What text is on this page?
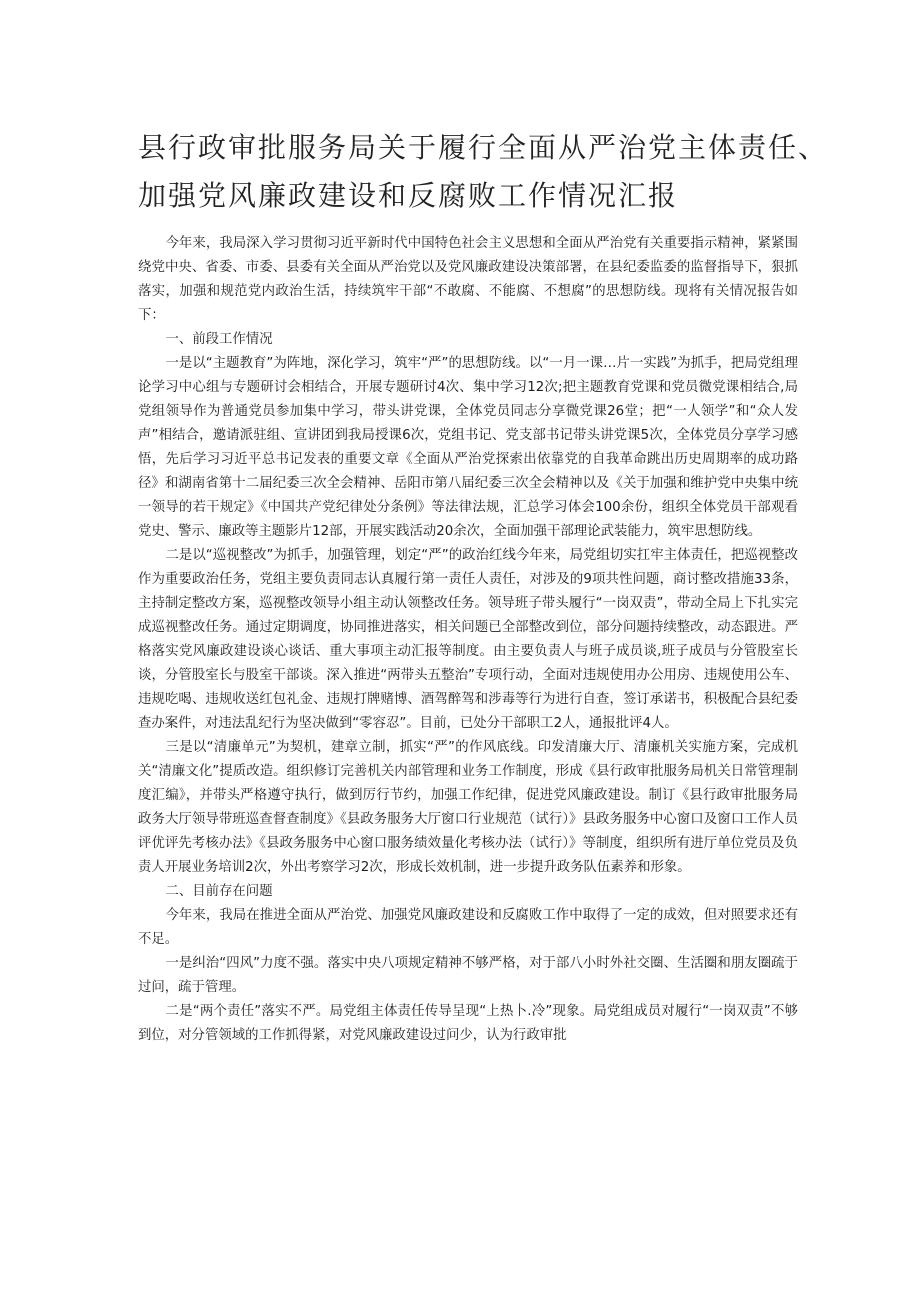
县行政审批服务局关于履行全面从严治党主体责任、
加强党风廉政建设和反腐败工作情况汇报

今年来，我局深入学习贯彻习近平新时代中国特色社会主义思想和全面从严治党有关重要指示精神，紧紧围绕党中央、省委、市委、县委有关全面从严治党以及党风廉政建设决策部署，在县纪委监委的监督指导下，狠抓落实，加强和规范党内政治生活，持续筑牢干部“不敢腐、不能腐、不想腐”的思想防线。现将有关情况报告如下：

一、前段工作情况

一是以“主题教育”为阵地，深化学习，筑牢“严”的思想防线。以“一月一课…片一实践”为抓手，把局党组理论学习中心组与专题研讨会相结合，开展专题研讨4次、集中学习12次;把主题教育党课和党员微党课相结合,局党组领导作为普通党员参加集中学习，带头讲党课，全体党员同志分享微党课26堂；把“一人领学”和“众人发声”相结合，邀请派驻组、宣讲团到我局授课6次，党组书记、党支部书记带头讲党课5次，全体党员分享学习感悟，先后学习习近平总书记发表的重要文章《全面从严治党探索出依靠党的自我革命跳出历史周期率的成功路径》和湖南省第十二届纪委三次全会精神、岳阳市第八届纪委三次全会精神以及《关于加强和维护党中央集中统一领导的若干规定》《中国共产党纪律处分条例》等法律法规，汇总学习体会100余份，组织全体党员干部观看党史、警示、廉政等主题影片12部，开展实践活动20余次，全面加强干部理论武装能力，筑牢思想防线。

二是以“巡视整改”为抓手，加强管理，划定“严”的政治红线今年来，局党组切实扛牢主体责任，把巡视整改作为重要政治任务，党组主要负责同志认真履行第一责任人责任，对涉及的9项共性问题，商讨整改措施33条，主持制定整改方案，巡视整改领导小组主动认领整改任务。领导班子带头履行“一岗双责”，带动全局上下扎实完成巡视整改任务。通过定期调度，协同推进落实，相关问题已全部整改到位，部分问题持续整改，动态跟进。严格落实党风廉政建设谈心谈话、重大事项主动汇报等制度。由主要负责人与班子成员谈,班子成员与分管股室长谈，分管股室长与股室干部谈。深入推进“两带头五整治”专项行动，全面对违规使用办公用房、违规使用公车、违规吃喝、违规收送红包礼金、违规打牌赌博、酒驾醉驾和涉毒等行为进行自查，签订承诺书，积极配合县纪委查办案件，对违法乱纪行为坚决做到“零容忍”。目前，已处分干部职工2人，通报批评4人。

三是以“清廉单元”为契机，建章立制，抓实“严”的作风底线。印发清廉大厅、清廉机关实施方案，完成机关“清廉文化”提质改造。组织修订完善机关内部管理和业务工作制度，形成《县行政审批服务局机关日常管理制度汇编》，并带头严格遵守执行，做到厉行节约，加强工作纪律，促进党风廉政建设。制订《县行政审批服务局政务大厅领导带班巡查督查制度》《县政务服务大厅窗口行业规范（试行）》县政务服务中心窗口及窗口工作人员评优评先考核办法》《县政务服务中心窗口服务绩效量化考核办法（试行）》等制度，组织所有进厅单位党员及负责人开展业务培训2次，外出考察学习2次，形成长效机制，进一步提升政务队伍素养和形象。

二、目前存在问题

今年来，我局在推进全面从严治党、加强党风廉政建设和反腐败工作中取得了一定的成效，但对照要求还有不足。

一是纠治“四风”力度不强。落实中央八项规定精神不够严格，对于部八小时外社交圈、生活圈和朋友圈疏于过问，疏于管理。

二是“两个责任”落实不严。局党组主体责任传导呈现“上热卜.冷”现象。局党组成员对履行“一岗双责”不够到位，对分管领域的工作抓得紧，对党风廉政建设过问少，认为行政审批
